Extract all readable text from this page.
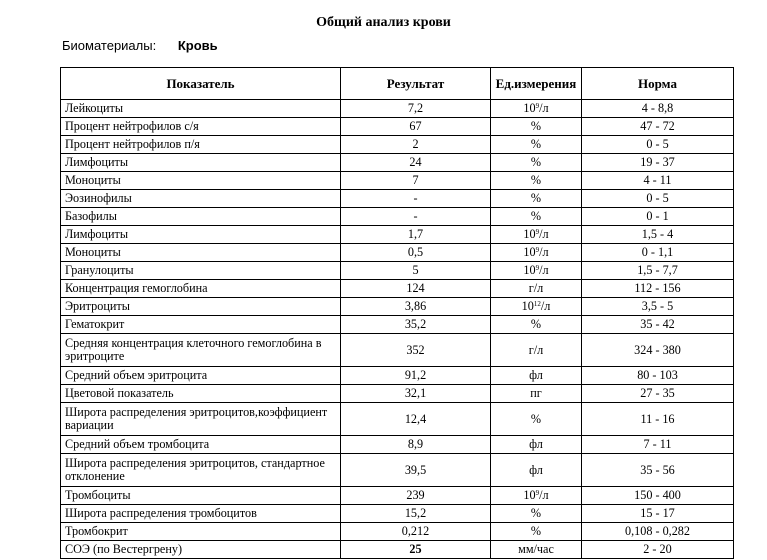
Общий анализ крови
Биоматериалы: Кровь
Показатель	Результат	Ед.измерения	Норма
Лейкоциты	7,2	$10^9/л$	4 - 8,8
Процент нейтрофилов с/я	67	%	47 - 72
Процент нейтрофилов п/я	2	%	0 - 5
Лимфоциты	24	%	19 - 37
Моноциты	7	%	4 - 11
Эозинофилы	-	%	0 - 5
Базофилы	-	%	0 - 1
Лимфоциты	1,7	$10^9/л$	1,5 - 4
Моноциты	0,5	$10^9/л$	0 - 1,1
Гранулоциты	5	$10^9/л$	1,5 - 7,7
Концентрация гемоглобина	124	г/л	112 - 156
Эритроциты	3,86	$10^{12}/л$	3,5 - 5
Гематокрит	35,2	%	35 - 42
Средняя концентрация клеточного гемоглобина в эритроците	352	г/л	324 - 380
Средний объем эритроцита	91,2	фл	80 - 103
Цветовой показатель	32,1	пг	27 - 35
Широта распределения эритроцитов,коэффициент вариации	12,4	%	11 - 16
Средний объем тромбоцита	8,9	фл	7 - 11
Широта распределения эритроцитов, стандартное отклонение	39,5	фл	35 - 56
Тромбоциты	239	$10^9/л$	150 - 400
Широта распределения тромбоцитов	15,2	%	15 - 17
Тромбокрит	0,212	%	0,108 - 0,282
СОЭ (по Вестергрену)	25	мм/час	2 - 20
